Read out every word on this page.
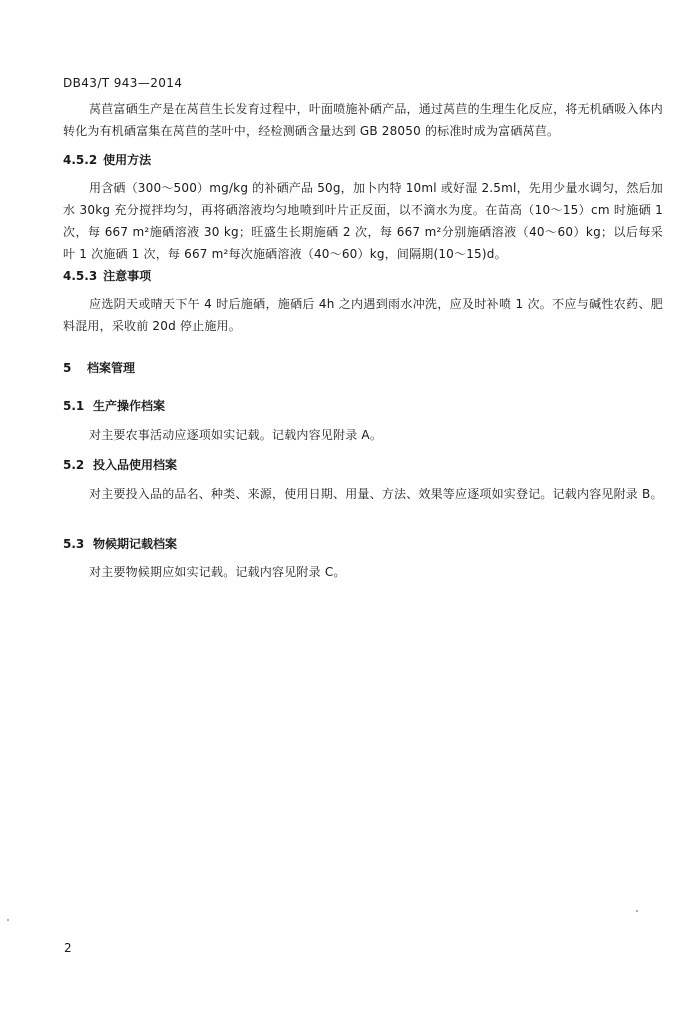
DB43/T 943—2014

莴苣富硒生产是在莴苣生长发育过程中，叶面喷施补硒产品，通过莴苣的生理生化反应，将无机硒吸入体内转化为有机硒富集在莴苣的茎叶中，经检测硒含量达到 GB 28050 的标准时成为富硒莴苣。

4.5.2 使用方法

用含硒（300～500）mg/kg 的补硒产品 50g，加卜内特 10ml 或好湿 2.5ml，先用少量水调匀，然后加水 30kg 充分搅拌均匀，再将硒溶液均匀地喷到叶片正反面，以不滴水为度。在苗高（10～15）cm 时施硒 1 次，每 667 m²施硒溶液 30 kg；旺盛生长期施硒 2 次，每 667 m²分别施硒溶液（40～60）kg；以后每采叶 1 次施硒 1 次，每 667 m²每次施硒溶液（40～60）kg，间隔期(10～15)d。

4.5.3 注意事项

应选阴天或晴天下午 4 时后施硒，施硒后 4h 之内遇到雨水冲洗，应及时补喷 1 次。不应与碱性农药、肥料混用，采收前 20d 停止施用。

5 档案管理
5.1 生产操作档案

对主要农事活动应逐项如实记载。记载内容见附录 A。

5.2 投入品使用档案

对主要投入品的品名、种类、来源，使用日期、用量、方法、效果等应逐项如实登记。记载内容见附录 B。

5.3 物候期记载档案

对主要物候期应如实记载。记载内容见附录 C。

2
